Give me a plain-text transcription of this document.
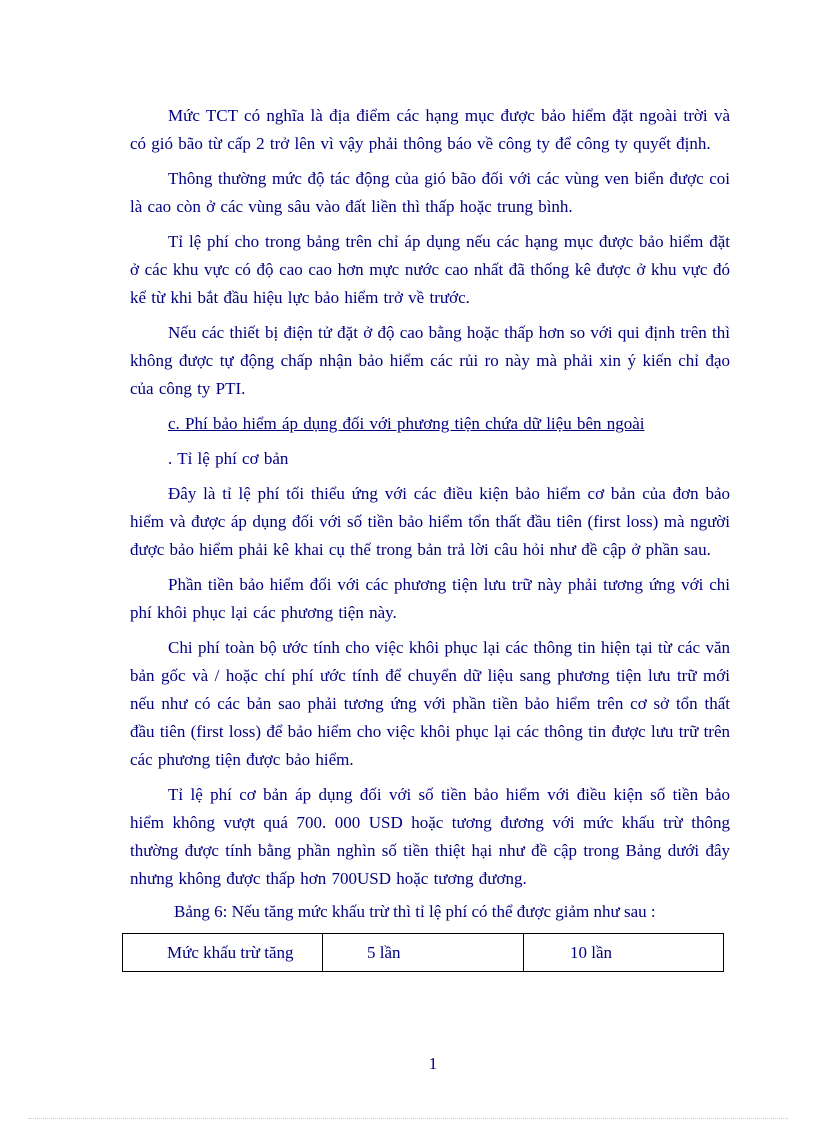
Mức TCT có nghĩa là địa điểm các hạng mục được bảo hiểm đặt ngoài trời và có gió bão từ cấp 2 trở lên vì vậy phải thông báo về công ty để công ty quyết định.

Thông thường mức độ tác động của gió bão đối với các vùng ven biển được coi là cao còn ở các vùng sâu vào đất liền thì thấp hoặc trung bình.

Tỉ lệ phí cho trong bảng trên chỉ áp dụng nếu các hạng mục được bảo hiểm đặt ở các khu vực có độ cao cao hơn mực nước cao nhất đã thống kê được ở khu vực đó kể từ khi bắt đầu hiệu lực bảo hiểm trở về trước.

Nếu các thiết bị điện tử đặt ở độ cao bằng hoặc thấp hơn so với qui định trên thì không được tự động chấp nhận bảo hiểm các rủi ro này mà phải xin ý kiến chỉ đạo của công ty PTI.

c. Phí bảo hiểm áp dụng đối với phương tiện chứa dữ liệu bên ngoài

. Tỉ lệ phí cơ bản

Đây là tỉ lệ phí tối thiểu ứng với các điều kiện bảo hiểm cơ bản của đơn bảo hiểm và được áp dụng đối với số tiền bảo hiểm tổn thất đầu tiên (first loss) mà người được bảo hiểm phải kê khai cụ thể trong bản trả lời câu hỏi như đề cập ở phần sau.

Phần tiền bảo hiểm đối với các phương tiện lưu trữ này phải tương ứng với chi phí khôi phục lại các phương tiện này.

Chi phí toàn bộ ước tính cho việc khôi phục lại các thông tin hiện tại từ các văn bản gốc và / hoặc chí phí ước tính để chuyển dữ liệu sang phương tiện lưu trữ mới nếu như có các bản sao phải tương ứng với phần tiền bảo hiểm trên cơ sở tổn thất đầu tiên (first loss) để bảo hiểm cho việc khôi phục lại các thông tin được lưu trữ trên các phương tiện được bảo hiểm.

Tỉ lệ phí cơ bản áp dụng đối với số tiền bảo hiểm với điều kiện số tiền bảo hiểm không vượt quá 700. 000 USD hoặc tương đương với mức khấu trừ thông thường được tính bằng phần nghìn số tiền thiệt hại như đề cập trong Bảng dưới đây nhưng không được thấp hơn 700USD hoặc tương đương.

Bảng 6: Nếu tăng mức khấu trừ thì tỉ lệ phí có thể được giảm như sau :

Mức khấu trừ tăng	5 lần	10 lần
1
